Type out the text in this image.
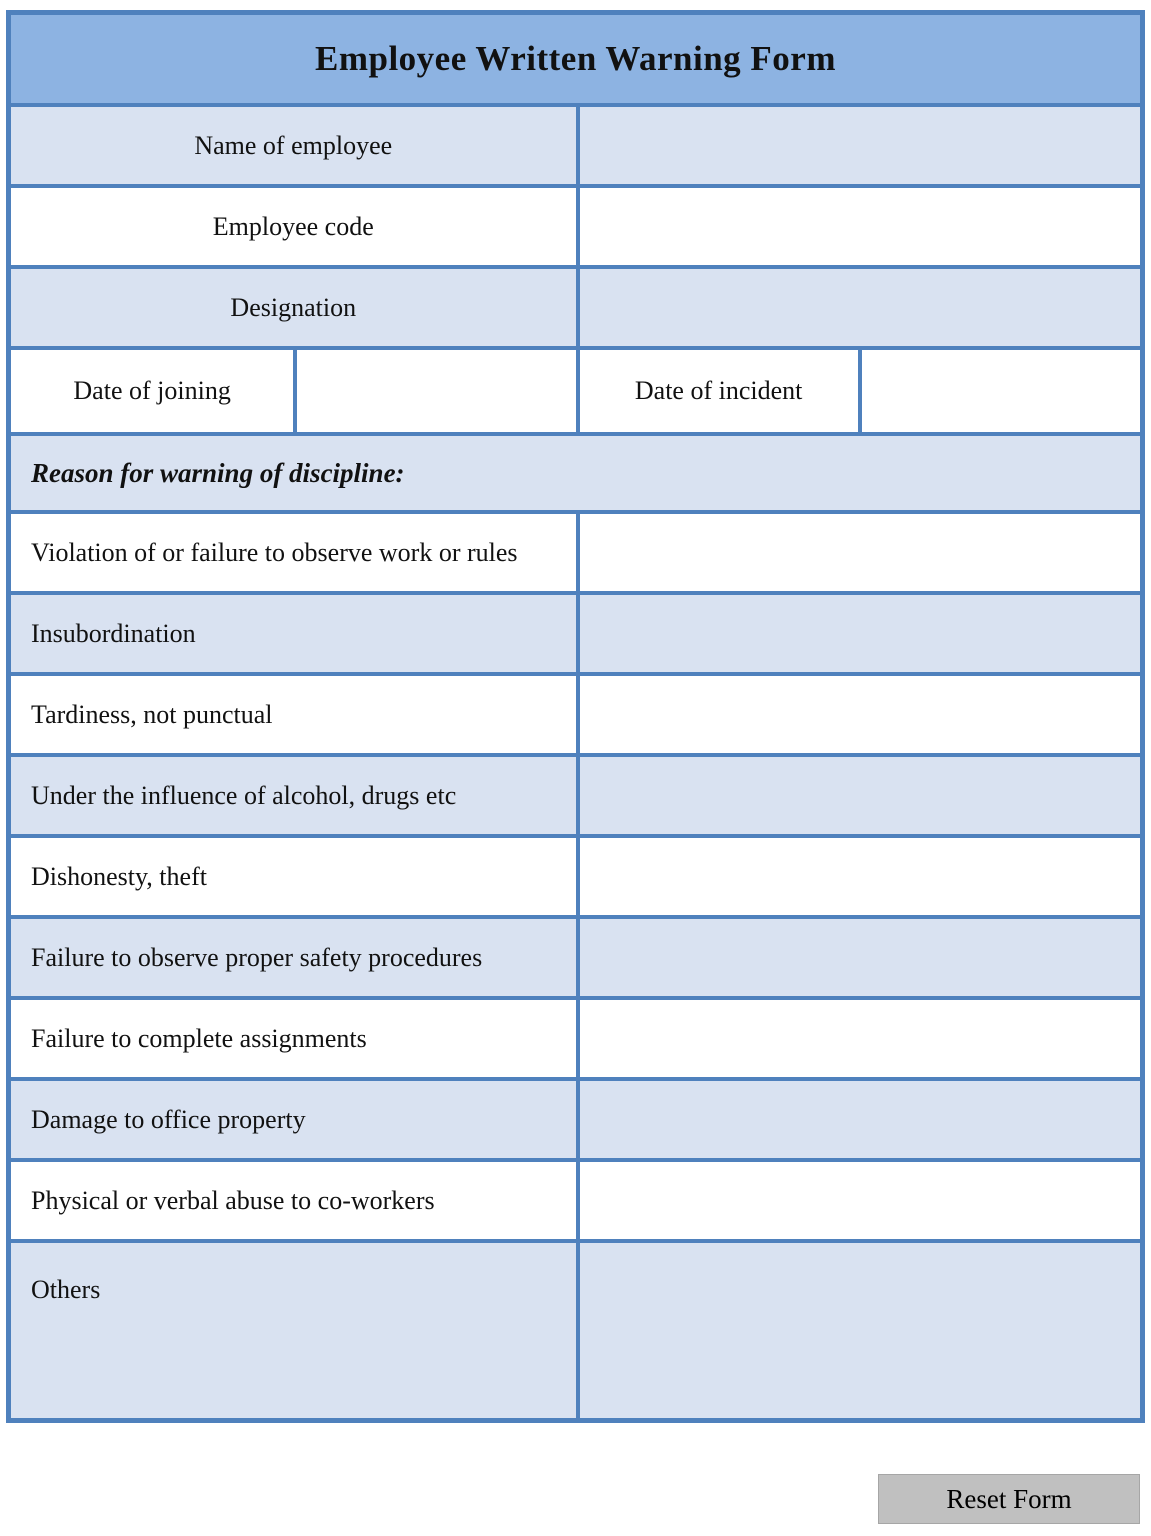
Employee Written Warning Form
Name of employee
Employee code
Designation
Date of joining	Date of incident
Reason for warning of discipline:
Violation of or failure to observe work or rules
Insubordination
Tardiness, not punctual
Under the influence of alcohol, drugs etc
Dishonesty, theft
Failure to observe proper safety procedures
Failure to complete assignments
Damage to office property
Physical or verbal abuse to co-workers
Others
Reset Form
